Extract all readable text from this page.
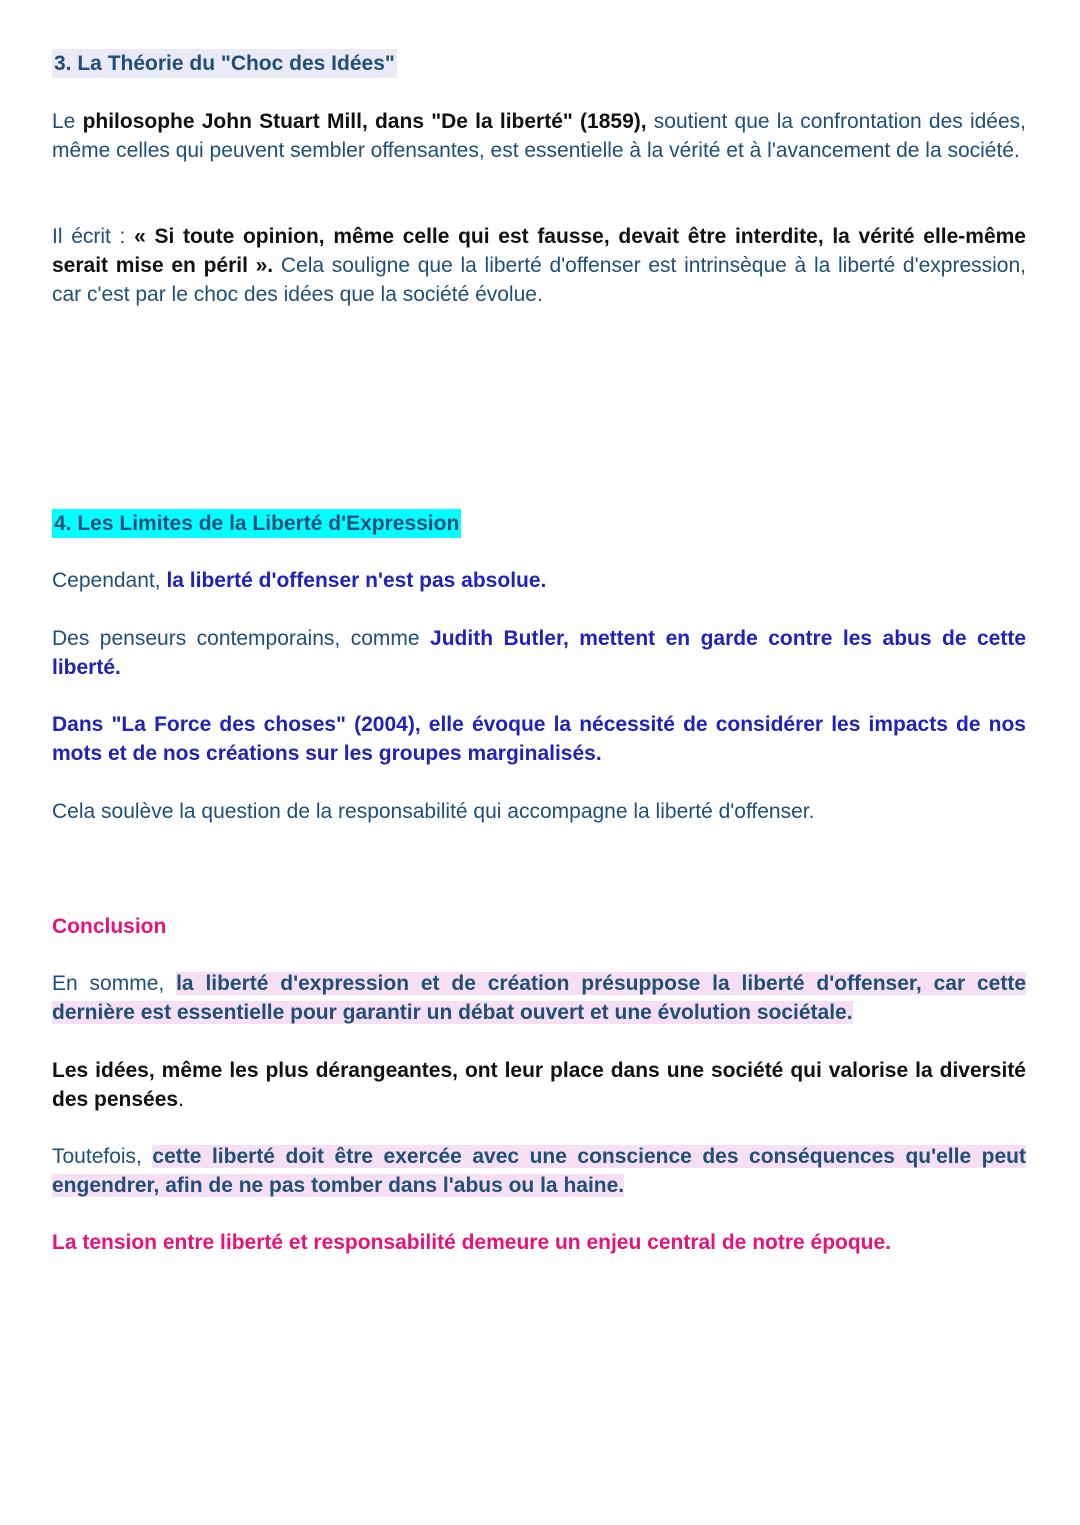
3. La Théorie du "Choc des Idées"

Le philosophe John Stuart Mill, dans "De la liberté" (1859), soutient que la confrontation des idées, même celles qui peuvent sembler offensantes, est essentielle à la vérité et à l'avancement de la société.

Il écrit : « Si toute opinion, même celle qui est fausse, devait être interdite, la vérité elle-même serait mise en péril ». Cela souligne que la liberté d'offenser est intrinsèque à la liberté d'expression, car c'est par le choc des idées que la société évolue.

4. Les Limites de la Liberté d'Expression

Cependant, la liberté d'offenser n'est pas absolue.

Des penseurs contemporains, comme Judith Butler, mettent en garde contre les abus de cette liberté.

Dans "La Force des choses" (2004), elle évoque la nécessité de considérer les impacts de nos mots et de nos créations sur les groupes marginalisés.

Cela soulève la question de la responsabilité qui accompagne la liberté d'offenser.

Conclusion

En somme, la liberté d'expression et de création présuppose la liberté d'offenser, car cette dernière est essentielle pour garantir un débat ouvert et une évolution sociétale.

Les idées, même les plus dérangeantes, ont leur place dans une société qui valorise la diversité des pensées.

Toutefois, cette liberté doit être exercée avec une conscience des conséquences qu'elle peut engendrer, afin de ne pas tomber dans l'abus ou la haine.

La tension entre liberté et responsabilité demeure un enjeu central de notre époque.
